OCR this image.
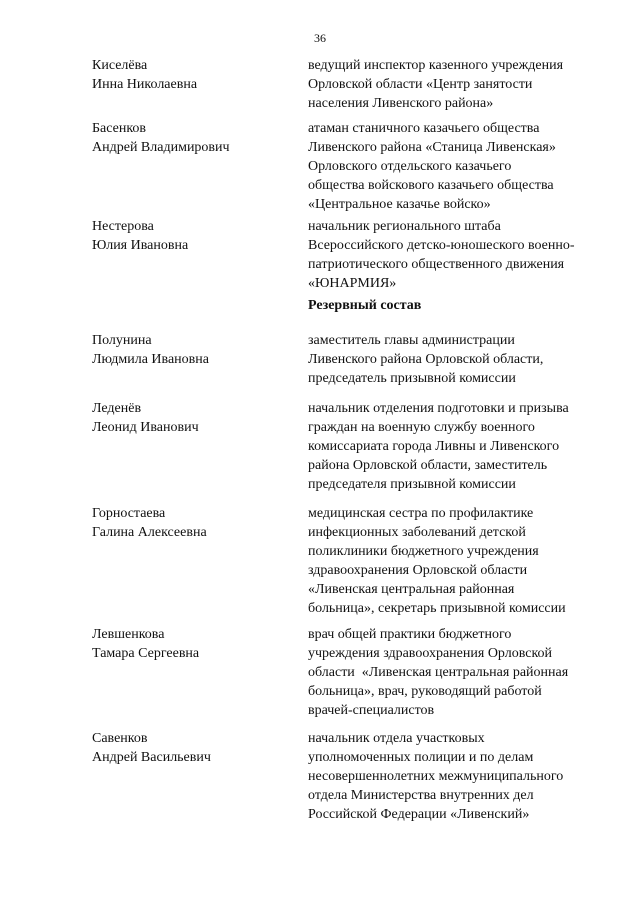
36
Киселёва
Инна Николаевна
ведущий инспектор казенного учреждения
Орловской области «Центр занятости
населения Ливенского района»
Басенков
Андрей Владимирович
атаман станичного казачьего общества
Ливенского района «Станица Ливенская»
Орловского отдельского казачьего
общества войскового казачьего общества
«Центральное казачье войско»
Нестерова
Юлия Ивановна
начальник регионального штаба
Всероссийского детско-юношеского военно-
патриотического общественного движения
«ЮНАРМИЯ»
Резервный состав
Полунина
Людмила Ивановна
заместитель главы администрации
Ливенского района Орловской области,
председатель призывной комиссии
Леденёв
Леонид Иванович
начальник отделения подготовки и призыва
граждан на военную службу военного
комиссариата города Ливны и Ливенского
района Орловской области, заместитель
председателя призывной комиссии
Горностаева
Галина Алексеевна
медицинская сестра по профилактике
инфекционных заболеваний детской
поликлиники бюджетного учреждения
здравоохранения Орловской области
«Ливенская центральная районная
больница», секретарь призывной комиссии
Левшенкова
Тамара Сергеевна
врач общей практики бюджетного
учреждения здравоохранения Орловской
области  «Ливенская центральная районная
больница», врач, руководящий работой
врачей-специалистов
Савенков
Андрей Васильевич
начальник отдела участковых
уполномоченных полиции и по делам
несовершеннолетних межмуниципального
отдела Министерства внутренних дел
Российской Федерации «Ливенский»
